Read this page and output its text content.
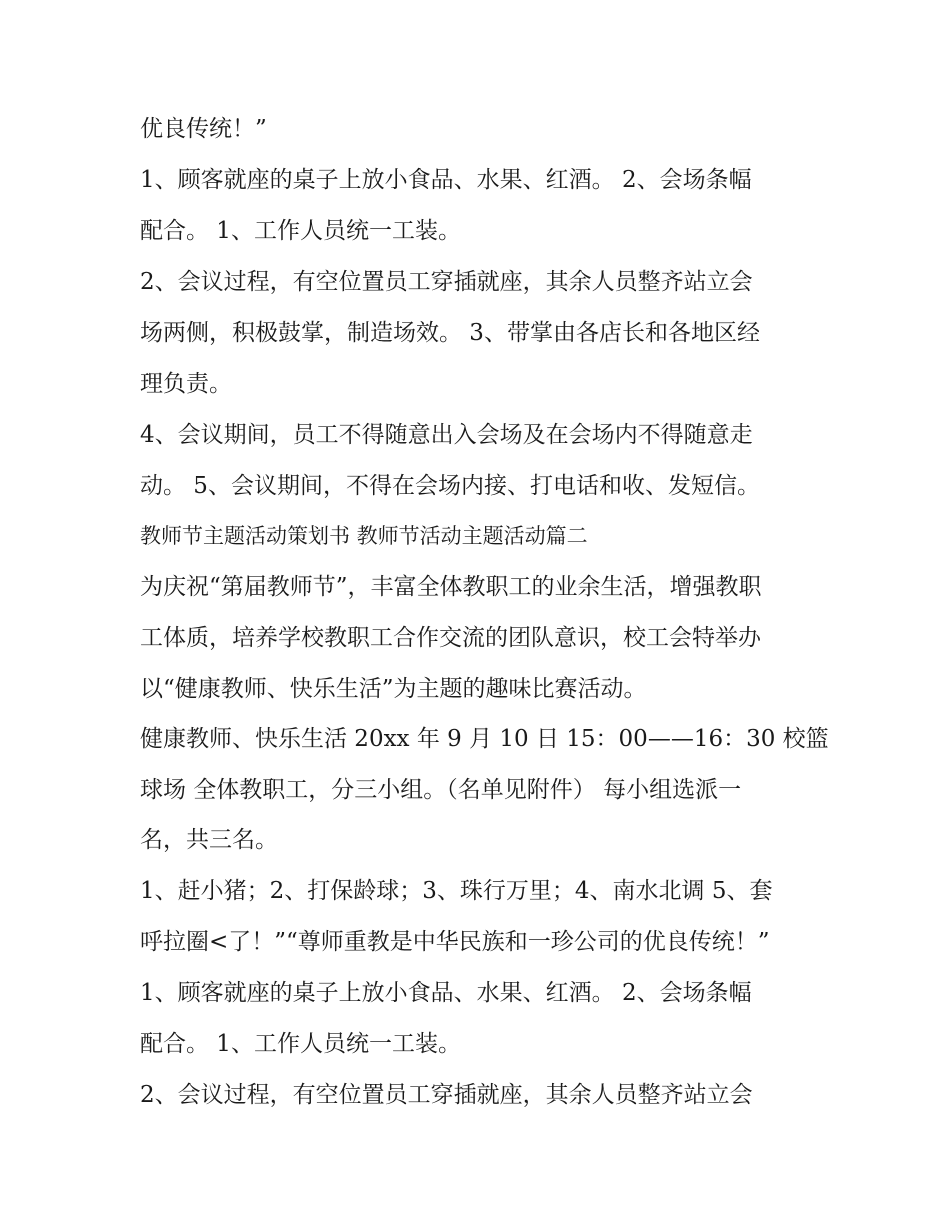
优良传统！”
1、顾客就座的桌子上放小食品、水果、红酒。 2、会场条幅
配合。 1、工作人员统一工装。
2、会议过程，有空位置员工穿插就座，其余人员整齐站立会
场两侧，积极鼓掌，制造场效。 3、带掌由各店长和各地区经
理负责。
4、会议期间，员工不得随意出入会场及在会场内不得随意走
动。 5、会议期间，不得在会场内接、打电话和收、发短信。
教师节主题活动策划书 教师节活动主题活动篇二
为庆祝“第届教师节”，丰富全体教职工的业余生活，增强教职
工体质，培养学校教职工合作交流的团队意识，校工会特举办
以“健康教师、快乐生活”为主题的趣味比赛活动。
健康教师、快乐生活 20xx 年 9 月 10 日 15：00——16：30 校篮
球场 全体教职工，分三小组。（名单见附件） 每小组选派一
名，共三名。
1、赶小猪；2、打保龄球；3、珠行万里；4、南水北调 5、套
呼拉圈<了！”“尊师重教是中华民族和一珍公司的优良传统！”
1、顾客就座的桌子上放小食品、水果、红酒。 2、会场条幅
配合。 1、工作人员统一工装。
2、会议过程，有空位置员工穿插就座，其余人员整齐站立会
